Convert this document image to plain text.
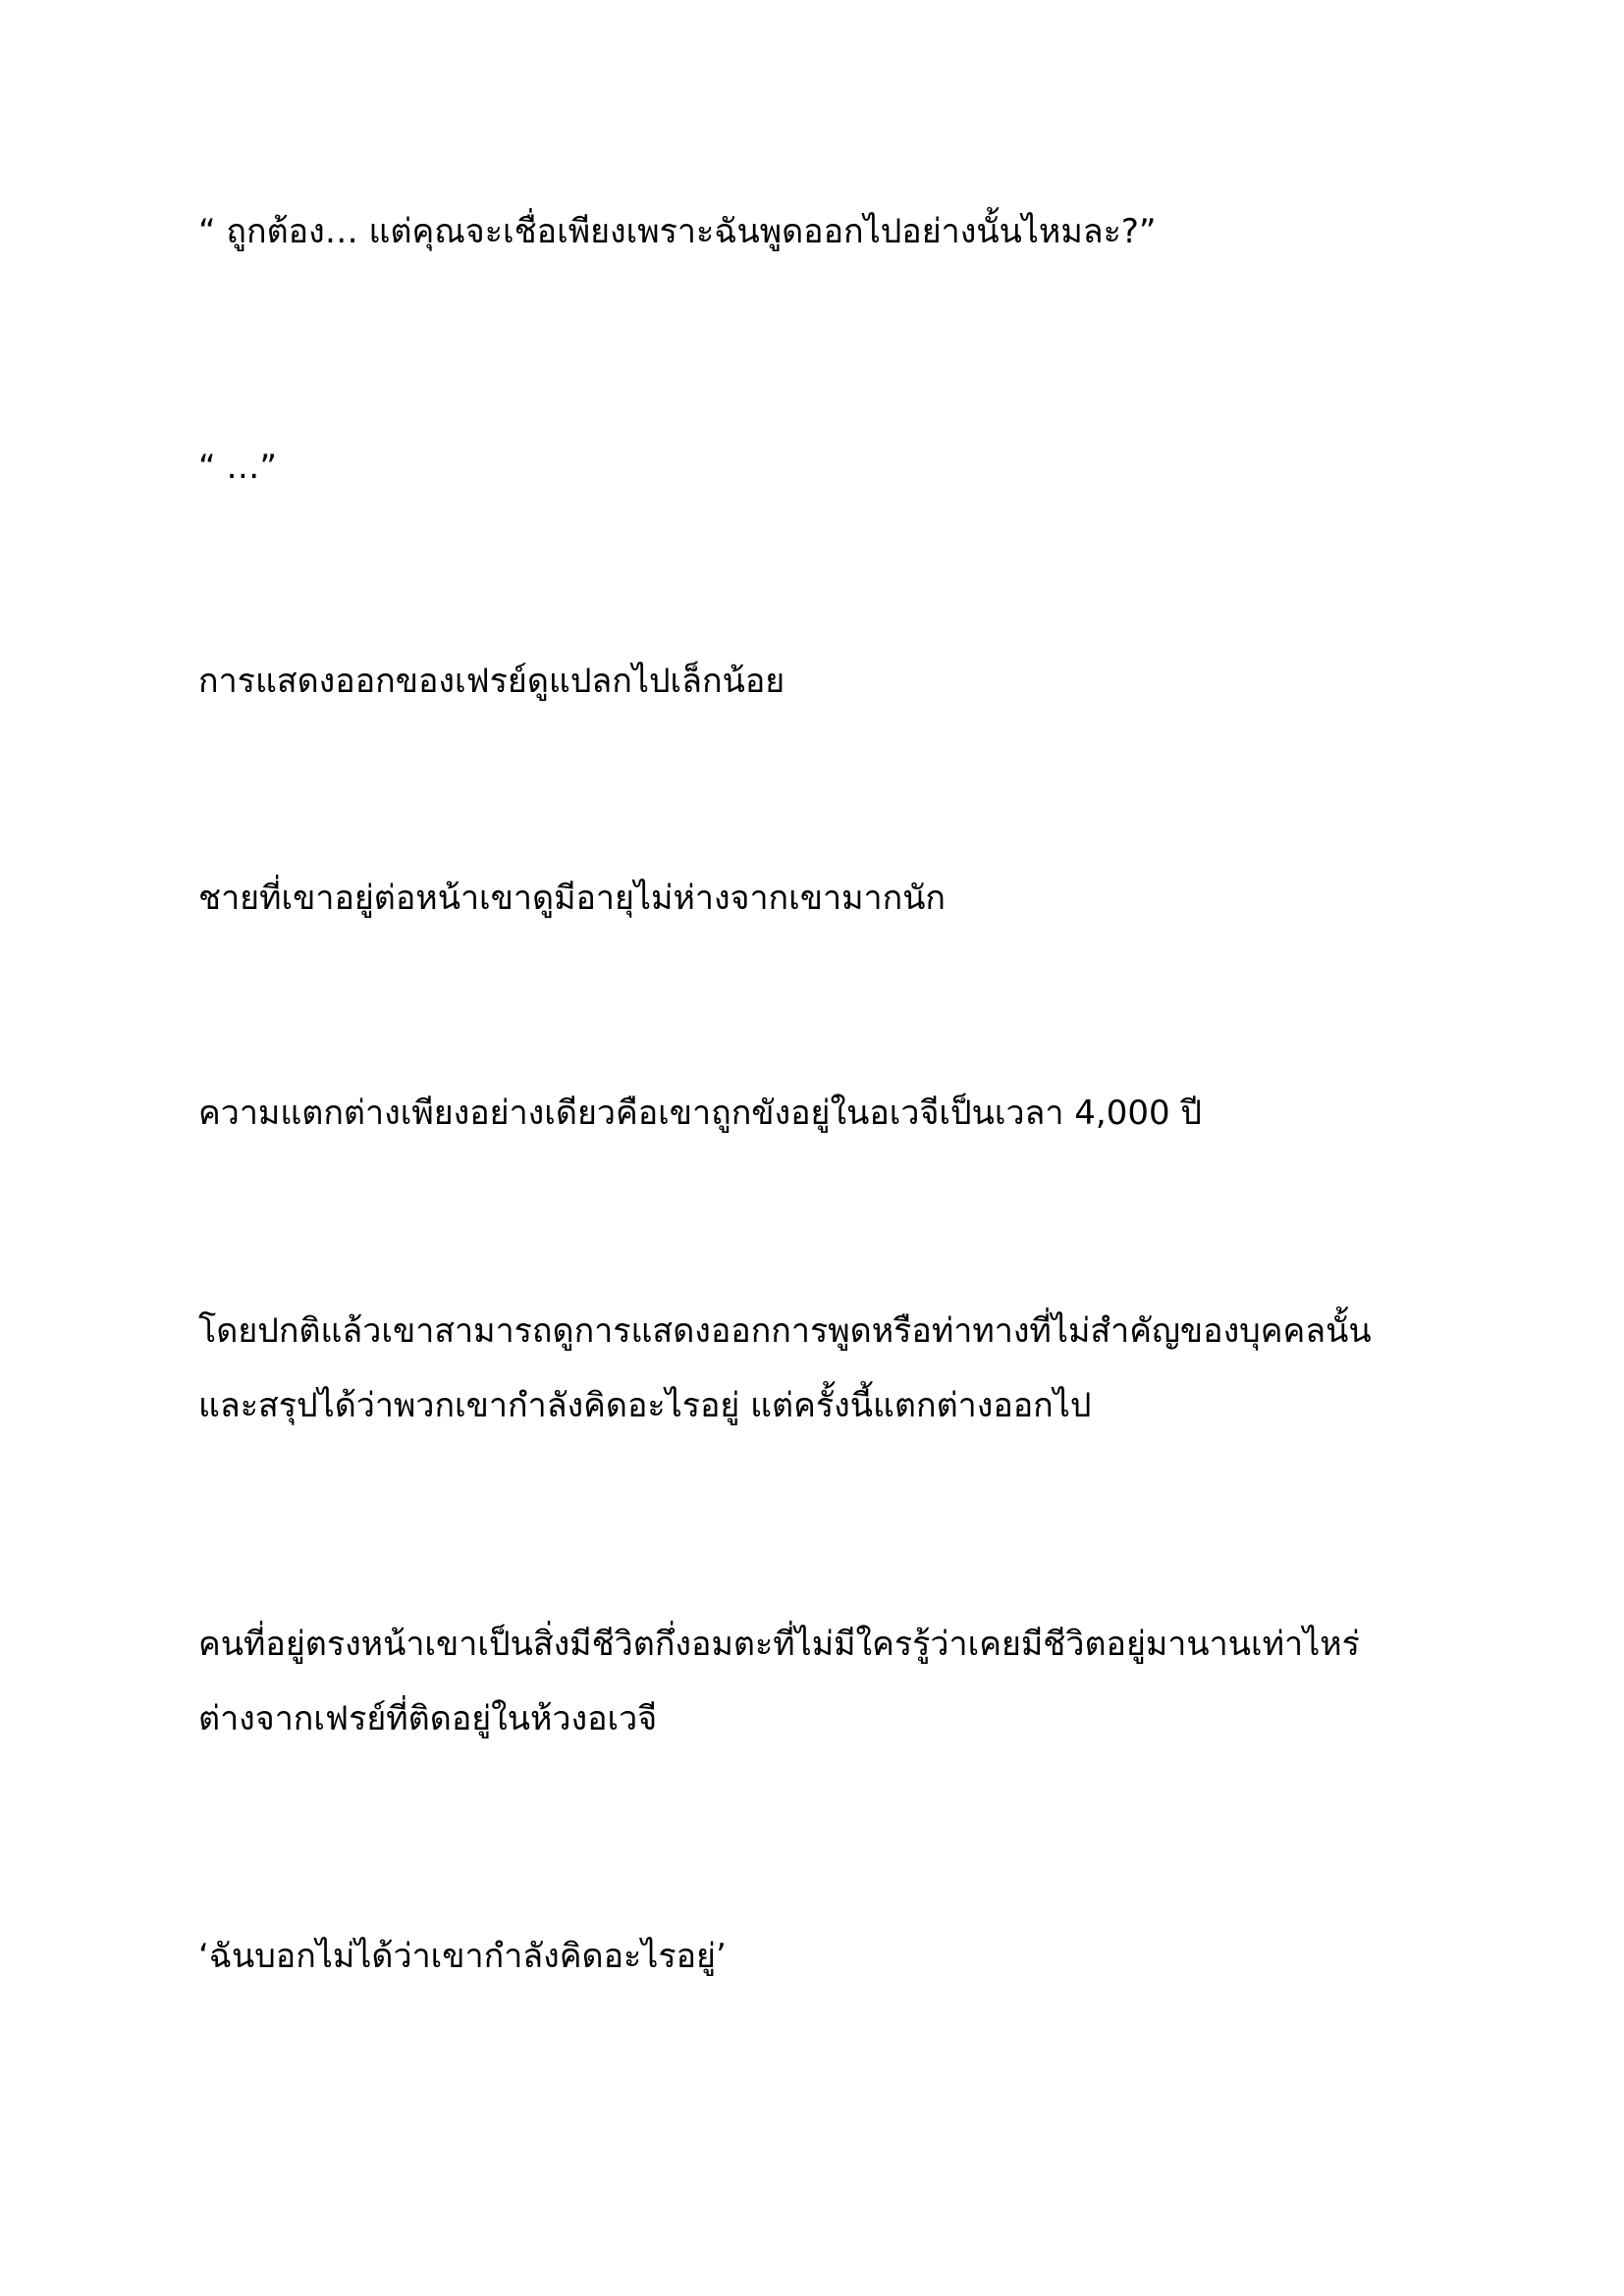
“ ถูกต้อง… แต่คุณจะเชื่อเพียงเพราะฉันพูดออกไปอย่างนั้นไหมละ?”

“ …”

การแสดงออกของเฟรย์ดูแปลกไปเล็กน้อย

ชายที่เขาอยู่ต่อหน้าเขาดูมีอายุไม่ห่างจากเขามากนัก

ความแตกต่างเพียงอย่างเดียวคือเขาถูกขังอยู่ในอเวจีเป็นเวลา 4,000 ปี

โดยปกติแล้วเขาสามารถดูการแสดงออกการพูดหรือท่าทางที่ไม่สำคัญของบุคคลนั้น
และสรุปได้ว่าพวกเขากำลังคิดอะไรอยู่ แต่ครั้งนี้แตกต่างออกไป

คนที่อยู่ตรงหน้าเขาเป็นสิ่งมีชีวิตกึ่งอมตะที่ไม่มีใครรู้ว่าเคยมีชีวิตอยู่มานานเท่าไหร่
ต่างจากเฟรย์ที่ติดอยู่ในห้วงอเวจี

‘ฉันบอกไม่ได้ว่าเขากำลังคิดอะไรอยู่’
